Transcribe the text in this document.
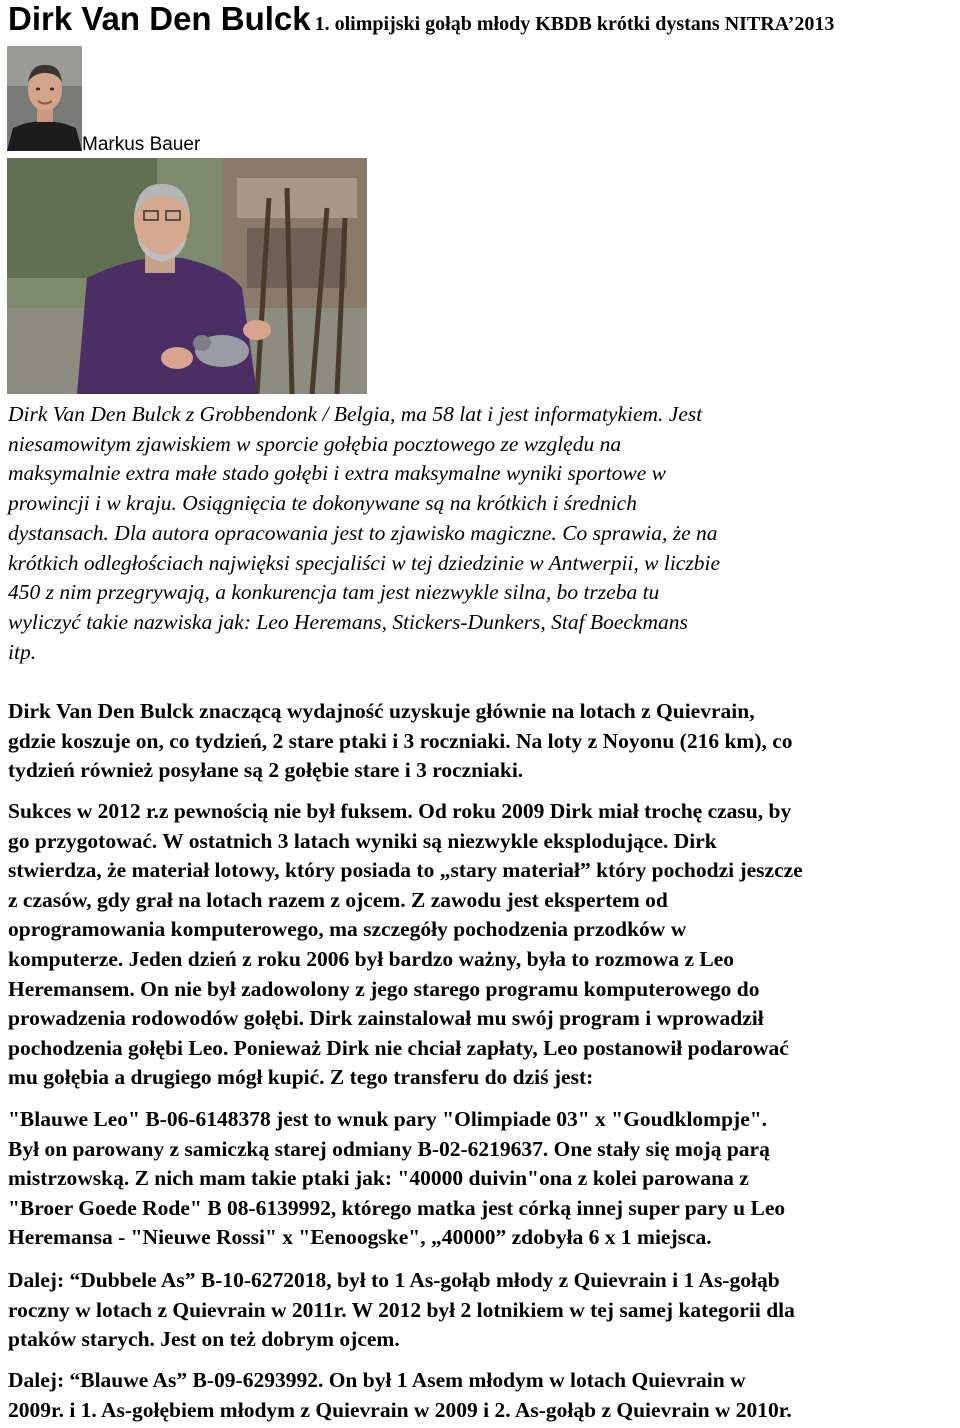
Dirk Van Den Bulck 1. olimpijski gołąb młody KBDB krótki dystans NITRA’2013
Markus Bauer
Dirk Van Den Bulck z Grobbendonk / Belgia, ma 58 lat i jest informatykiem. Jest
niesamowitym zjawiskiem w sporcie gołębia pocztowego ze względu na
maksymalnie extra małe stado gołębi i extra maksymalne wyniki sportowe w
prowincji i w kraju. Osiągnięcia te dokonywane są na krótkich i średnich
dystansach. Dla autora opracowania jest to zjawisko magiczne. Co sprawia, że na
krótkich odległościach najwięksi specjaliści w tej dziedzinie w Antwerpii, w liczbie
450 z nim przegrywają, a konkurencja tam jest niezwykle silna, bo trzeba tu
wyliczyć takie nazwiska jak: Leo Heremans, Stickers-Dunkers, Staf Boeckmans
itp.
Dirk Van Den Bulck znaczącą wydajność uzyskuje głównie na lotach z Quievrain,
gdzie koszuje on, co tydzień, 2 stare ptaki i 3 roczniaki. Na loty z Noyonu (216 km), co
tydzień również posyłane są 2 gołębie stare i 3 roczniaki.
Sukces w 2012 r.z pewnością nie był fuksem. Od roku 2009 Dirk miał trochę czasu, by
go przygotować. W ostatnich 3 latach wyniki są niezwykle eksplodujące. Dirk
stwierdza, że materiał lotowy, który posiada to „stary materiał” który pochodzi jeszcze
z czasów, gdy grał na lotach razem z ojcem. Z zawodu jest ekspertem od
oprogramowania komputerowego, ma szczegóły pochodzenia przodków w
komputerze. Jeden dzień z roku 2006 był bardzo ważny, była to rozmowa z Leo
Heremansem. On nie był zadowolony z jego starego programu komputerowego do
prowadzenia rodowodów gołębi. Dirk zainstalował mu swój program i wprowadził
pochodzenia gołębi Leo. Ponieważ Dirk nie chciał zapłaty, Leo postanowił podarować
mu gołębia a drugiego mógł kupić. Z tego transferu do dziś jest:
"Blauwe Leo" B-06-6148378 jest to wnuk pary "Olimpiade 03" x "Goudklompje".
Był on parowany z samiczką starej odmiany B-02-6219637. One stały się moją parą
mistrzowską. Z nich mam takie ptaki jak: "40000 duivin"ona z kolei parowana z
"Broer Goede Rode" B 08-6139992, którego matka jest córką innej super pary u Leo
Heremansa - "Nieuwe Rossi" x "Eenoogske", „40000” zdobyła 6 x 1 miejsca.
Dalej: “Dubbele As” B-10-6272018, był to 1 As-gołąb młody z Quievrain i 1 As-gołąb
roczny w lotach z Quievrain w 2011r. W 2012 był 2 lotnikiem w tej samej kategorii dla
ptaków starych. Jest on też dobrym ojcem.
Dalej: “Blauwe As” B-09-6293992. On był 1 Asem młodym w lotach Quievrain w
2009r. i 1. As-gołębiem młodym z Quievrain w 2009 i 2. As-gołąb z Quievrain w 2010r.
